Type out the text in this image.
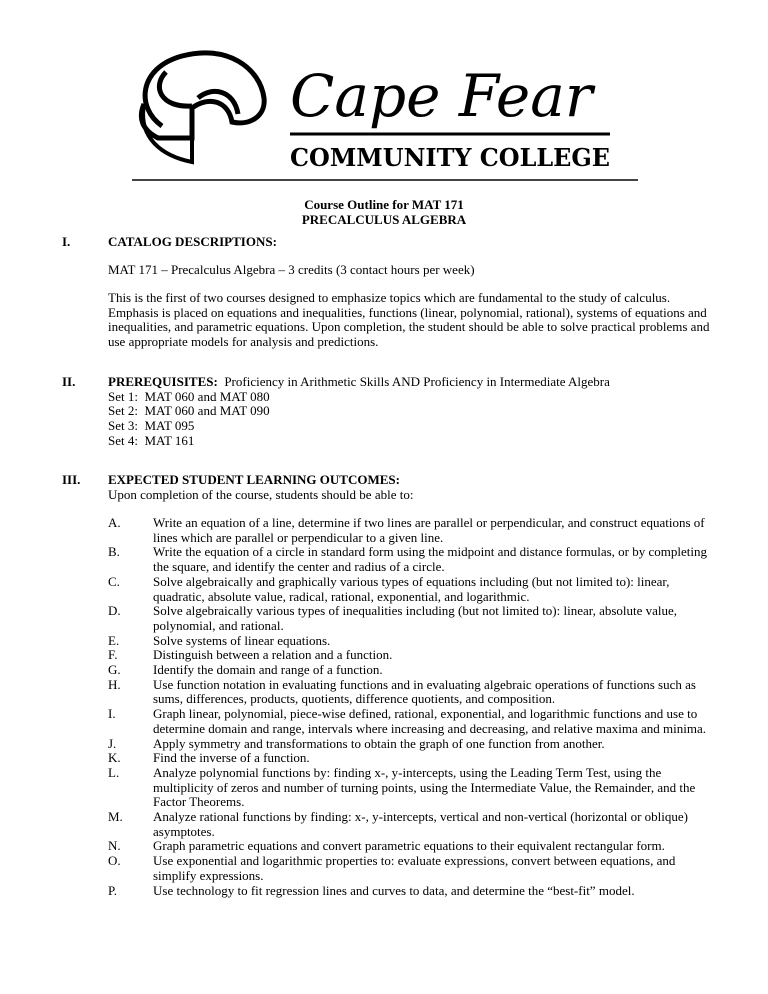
Cape Fear
COMMUNITY COLLEGE
Course Outline for MAT 171
PRECALCULUS ALGEBRA
I.	CATALOG DESCRIPTIONS:
MAT 171 – Precalculus Algebra – 3 credits (3 contact hours per week)
This is the first of two courses designed to emphasize topics which are fundamental to the study of calculus. Emphasis is placed on equations and inequalities, functions (linear, polynomial, rational), systems of equations and inequalities, and parametric equations. Upon completion, the student should be able to solve practical problems and use appropriate models for analysis and predictions.
II.	PREREQUISITES: Proficiency in Arithmetic Skills AND Proficiency in Intermediate Algebra
Set 1:  MAT 060 and MAT 080
Set 2:  MAT 060 and MAT 090
Set 3:  MAT 095
Set 4:  MAT 161
III. EXPECTED STUDENT LEARNING OUTCOMES:
Upon completion of the course, students should be able to:
A.	Write an equation of a line, determine if two lines are parallel or perpendicular, and construct equations of lines which are parallel or perpendicular to a given line.
B.	Write the equation of a circle in standard form using the midpoint and distance formulas, or by completing the square, and identify the center and radius of a circle.
C.	Solve algebraically and graphically various types of equations including (but not limited to): linear, quadratic, absolute value, radical, rational, exponential, and logarithmic.
D.	Solve algebraically various types of inequalities including (but not limited to): linear, absolute value, polynomial, and rational.
E.	Solve systems of linear equations.
F.	Distinguish between a relation and a function.
G.	Identify the domain and range of a function.
H.	Use function notation in evaluating functions and in evaluating algebraic operations of functions such as sums, differences, products, quotients, difference quotients, and composition.
I.	Graph linear, polynomial, piece-wise defined, rational, exponential, and logarithmic functions and use to determine domain and range, intervals where increasing and decreasing, and relative maxima and minima.
J.	Apply symmetry and transformations to obtain the graph of one function from another.
K.	Find the inverse of a function.
L.	Analyze polynomial functions by: finding x-, y-intercepts, using the Leading Term Test, using the multiplicity of zeros and number of turning points, using the Intermediate Value, the Remainder, and the Factor Theorems.
M.	Analyze rational functions by finding: x-, y-intercepts, vertical and non-vertical (horizontal or oblique) asymptotes.
N.	Graph parametric equations and convert parametric equations to their equivalent rectangular form.
O.	Use exponential and logarithmic properties to: evaluate expressions, convert between equations, and simplify expressions.
P.	Use technology to fit regression lines and curves to data, and determine the “best-fit” model.
